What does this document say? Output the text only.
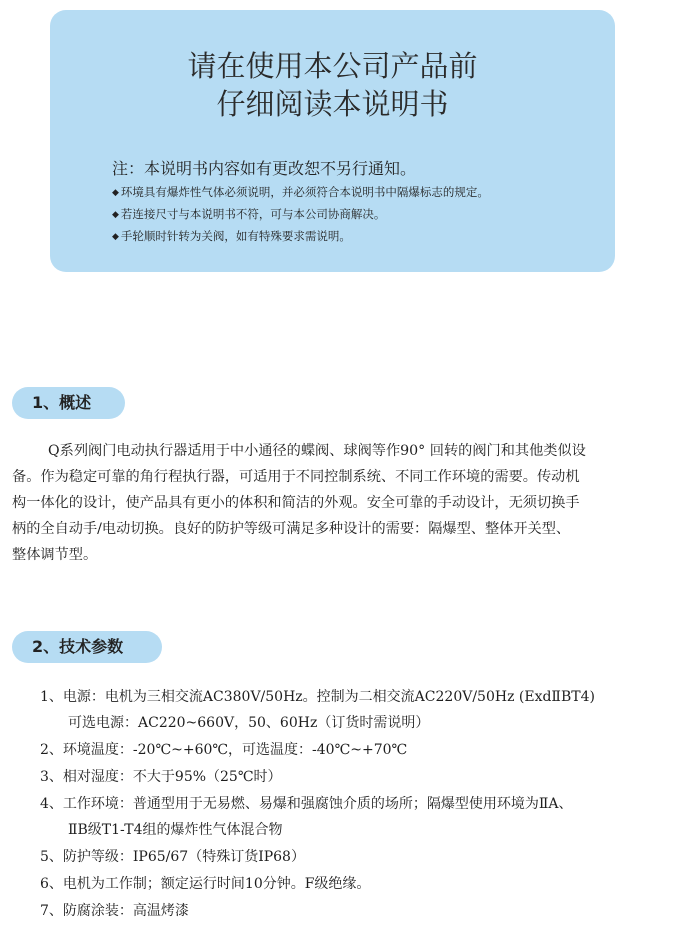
请在使用本公司产品前
仔细阅读本说明书
注：本说明书内容如有更改恕不另行通知。
◆ 环境具有爆炸性气体必须说明，并必须符合本说明书中隔爆标志的规定。
◆ 若连接尺寸与本说明书不符，可与本公司协商解决。
◆ 手轮顺时针转为关阀，如有特殊要求需说明。
1、概述
Q系列阀门电动执行器适用于中小通径的蝶阀、球阀等作90° 回转的阀门和其他类似设
备。作为稳定可靠的角行程执行器，可适用于不同控制系统、不同工作环境的需要。传动机
构一体化的设计，使产品具有更小的体积和简洁的外观。安全可靠的手动设计，无须切换手
柄的全自动手/电动切换。良好的防护等级可满足多种设计的需要：隔爆型、整体开关型、
整体调节型。
2、技术参数
1、电源：电机为三相交流AC380V/50Hz。控制为二相交流AC220V/50Hz (ExdⅡBT4)
可选电源：AC220~660V，50、60Hz（订货时需说明）
2、环境温度：-20℃~+60℃，可选温度：-40℃~+70℃
3、相对湿度：不大于95%（25℃时）
4、工作环境：普通型用于无易燃、易爆和强腐蚀介质的场所；隔爆型使用环境为ⅡA、
ⅡB级T1-T4组的爆炸性气体混合物
5、防护等级：IP65/67（特殊订货IP68）
6、电机为工作制；额定运行时间10分钟。F级绝缘。
7、防腐涂装：高温烤漆
